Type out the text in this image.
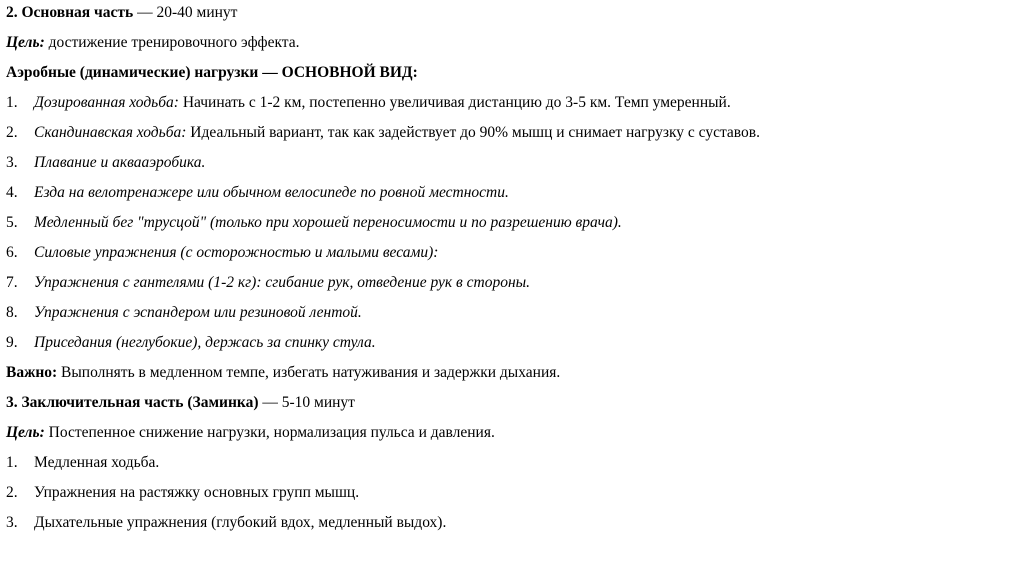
2. Основная часть — 20-40 минут
Цель: достижение тренировочного эффекта.
Аэробные (динамические) нагрузки — ОСНОВНОЙ ВИД:
1. Дозированная ходьба: Начинать с 1-2 км, постепенно увеличивая дистанцию до 3-5 км. Темп умеренный.
2. Скандинавская ходьба: Идеальный вариант, так как задействует до 90% мышц и снимает нагрузку с суставов.
3. Плавание и аквааэробика.
4. Езда на велотренажере или обычном велосипеде по ровной местности.
5. Медленный бег "трусцой" (только при хорошей переносимости и по разрешению врача).
6. Силовые упражнения (с осторожностью и малыми весами):
7. Упражнения с гантелями (1-2 кг): сгибание рук, отведение рук в стороны.
8. Упражнения с эспандером или резиновой лентой.
9. Приседания (неглубокие), держась за спинку стула.
Важно: Выполнять в медленном темпе, избегать натуживания и задержки дыхания.
3. Заключительная часть (Заминка) — 5-10 минут
Цель: Постепенное снижение нагрузки, нормализация пульса и давления.
1. Медленная ходьба.
2. Упражнения на растяжку основных групп мышц.
3. Дыхательные упражнения (глубокий вдох, медленный выдох).
